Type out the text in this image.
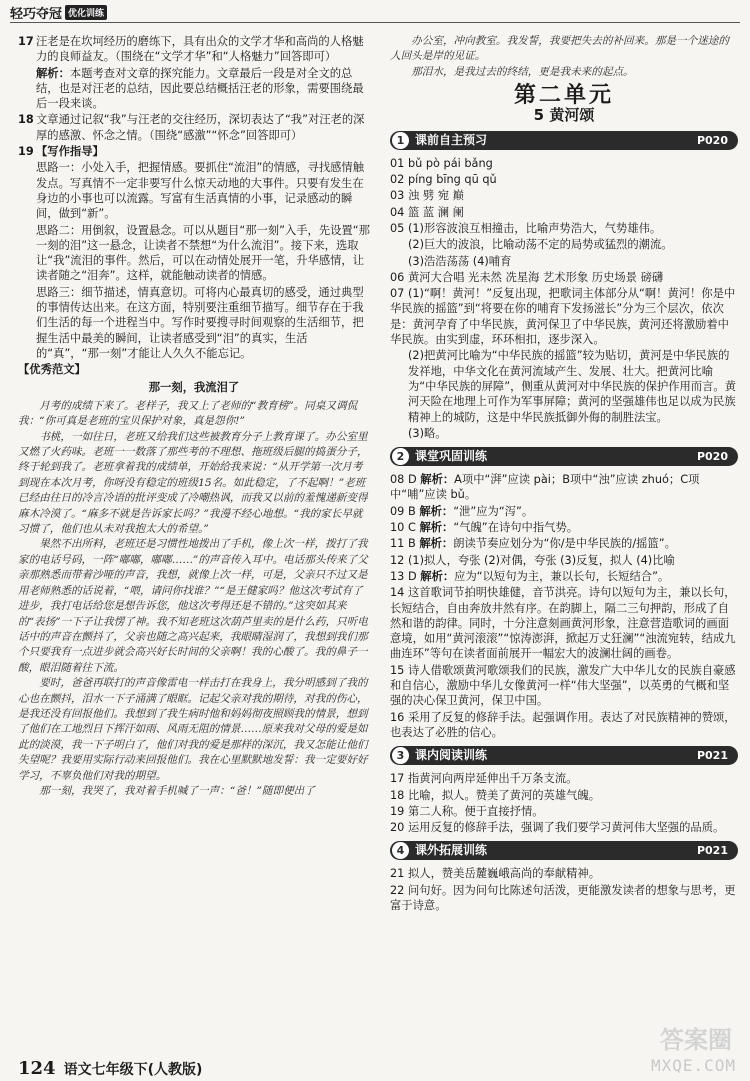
轻巧夺冠 优化训练

17 汪老是在坎坷经历的磨练下，具有出众的文学才华和高尚的人格魅力的良师益友。（围绕在“文学才华”和“人格魅力”回答即可）

解析：本题考查对文章的探究能力。文章最后一段是对全文的总结，也是对汪老的总结，因此要总结概括汪老的形象，需要围绕最后一段来谈。

18 文章通过记叙“我”与汪老的交往经历，深切表达了“我”对汪老的深厚的感激、怀念之情。（围绕“感激”“怀念”回答即可）

19 【写作指导】

思路一：小处入手，把握情感。要抓住“流泪”的情感，寻找感情触发点。写真情不一定非要写什么惊天动地的大事件。只要有发生在身边的小事也可以流露。写富有生活真情的小事，记录感动的瞬间，做到“新”。

思路二：用倒叙，设置悬念。可以从题目“那一刻”入手，先设置“那一刻的泪”这一悬念，让读者不禁想“为什么流泪”。接下来，选取让“我”流泪的事件。然后，可以在动情处展开一笔，升华感情，让读者随之“泪奔”。这样，就能触动读者的情感。

思路三：细节描述，情真意切。可将内心最真切的感受，通过典型的事情传达出来。在这方面，特别要注重细节描写。细节存在于我们生活的每一个进程当中。写作时要搜寻时间观察的生活细节，把握生活中最美的瞬间，让读者感受到“泪”的真实，生活的“真”，“那一刻”才能让人久久不能忘记。

【优秀范文】

那一刻，我流泪了

月考的成绩下来了。老样子，我又上了老师的“教育榜”。同桌又调侃我：“你可真是老班的宝贝保护对象，真是怨你!”

书桃，一如往日，老班又给我们这些被教育分子上教育课了。办公室里又燃了火药味。老班一一数落了那些考的不理想、拖班级后腿的捣蛋分子，终于轮到我了。老班拿着我的成绩单，开始给我来说：“从开学第一次月考到现在本次月考，你呀没有稳定的班级15名。如此稳定，了不起啊！”老班已经由往日的冷言冷语的批评变成了冷嘲热讽，而我又以前的羞愧递新变得麻木冷漠了。“麻多不就是告诉家长吗？”我漫不经心地想。“我的家长早就习惯了，他们也从未对我抱太大的希望。”

果然不出所料，老班还是习惯性地拨出了手机，像上次一样，拨打了我家的电话号码，一阵“嘟嘟，嘟嘟……”的声音传入耳中。电话那头传来了父亲那熟悉而带着沙哑的声音，我想，就像上次一样，可是，父亲只不过又是用老师熟悉的话说着，“喂，请问你找谁？”“是王健家吗？他这次考试有了进步，我打电话给您是想告诉您，他这次考得还是不错的。”这突如其来的“表扬”一下子让我愣了神。我不知老班这次葫芦里卖的是什么药，只听电话中的声音在颤抖了，父亲也随之高兴起来，我眼睛湿润了，我想到我们那个只要我有一点进步就会高兴好长时间的父亲啊！我的心酸了。我的鼻子一酸，眼泪随着往下流。

要时，爸爸再联打的声音像雷电一样击打在我身上，我分明感到了我的心也在颤抖，泪水一下子涌满了眼眶。记起父亲对我的期待，对我的伤心，是我还没有回报他们。我想到了我生病时他和妈妈彻夜照顾我的情景，想到了他们在工地烈日下挥汗如雨、风雨无阻的情景……原来我对父母的爱是如此的淡漠，我一下子明白了，他们对我的爱是那样的深沉，我又怎能让他们失望呢？我要用实际行动来回报他们。我在心里默默地发誓：我一定要好好学习，不辜负他们对我的期望。

那一刻，我哭了，我对着手机喊了一声：“爸！”随即便出了

办公室，冲向教室。我发誓，我要把失去的补回来。那是一个迷途的人回头是岸的见证。

那泪水，是我过去的终结，更是我未来的起点。

第二单元
5 黄河颂
1 课前自主预习	P020

01 bǔ pò pái bǎng

02 píng bīng qū qǔ

03 浊 劈 宛 巅

04 篮 蓝 澜 阑

05 (1)形容波浪互相撞击，比喻声势浩大，气势雄伟。

(2)巨大的波浪，比喻动荡不定的局势或猛烈的潮流。

(3)浩浩荡荡 (4)哺育

06 黄河大合唱 光未然 冼星海 艺术形象 历史场景 磅礴

07 (1)“啊！黄河！”反复出现，把歌词主体部分从“啊！黄河！你是中华民族的摇篮”到“将要在你的哺育下发扬滋长”分为三个层次，依次是：黄河孕育了中华民族，黄河保卫了中华民族，黄河还将激励着中华民族。由实到虚，环环相扣，逐步深入。

(2)把黄河比喻为“中华民族的摇篮”较为贴切，黄河是中华民族的发祥地，中华文化在黄河流域产生、发展、壮大。把黄河比喻为“中华民族的屏障”，侧重从黄河对中华民族的保护作用而言。黄河天险在地理上可作为军事屏障；黄河的坚强雄伟也足以成为民族精神上的城防，这是中华民族抵御外侮的制胜法宝。

(3)略。

2 课堂巩固训练	P020

08 D 解析：A项中“湃”应读 pài；B项中“浊”应读 zhuó；C项中“哺”应读 bǔ。

09 B 解析：“泄”应为“泻”。

10 C 解析：“气魄”在诗句中指气势。

11 B 解析：朗读节奏应划分为“你/是中华民族的/摇篮”。

12 (1)拟人，夸张 (2)对偶，夸张 (3)反复，拟人 (4)比喻

13 D 解析：应为“以短句为主，兼以长句，长短结合”。

14 这首歌词节拍明快雄健，音节洪亮。诗句以短句为主，兼以长句，长短结合，自由奔放井然有序。在韵脚上，隔二三句押韵，形成了自然和谐的韵律。同时，十分注意刻画黄河形象，注意营造歌词的画面意境，如用“黄河滚滚”“惊涛澎湃，掀起万丈狂澜”“浊流宛转，结成九曲连环”等句在读者面前展开一幅宏大的波澜壮阔的画卷。

15 诗人借歌颂黄河歌颂我们的民族，激发广大中华儿女的民族自豪感和自信心，激励中华儿女像黄河一样“伟大坚强”，以英勇的气概和坚强的决心保卫黄河，保卫中国。

16 采用了反复的修辞手法。起强调作用。表达了对民族精神的赞颂，也表达了必胜的信心。

3 课内阅读训练	P021

17 指黄河向两岸延伸出千万条支流。

18 比喻，拟人。赞美了黄河的英雄气魄。

19 第二人称。便于直接抒情。

20 运用反复的修辞手法，强调了我们要学习黄河伟大坚强的品质。

4 课外拓展训练	P021

21 拟人，赞美岳麓巍峨高尚的奉献精神。

22 问句好。因为问句比陈述句活泼，更能激发读者的想象与思考，更富于诗意。

124 语文七年级下(人教版)
答案圈
MXQE.COM
